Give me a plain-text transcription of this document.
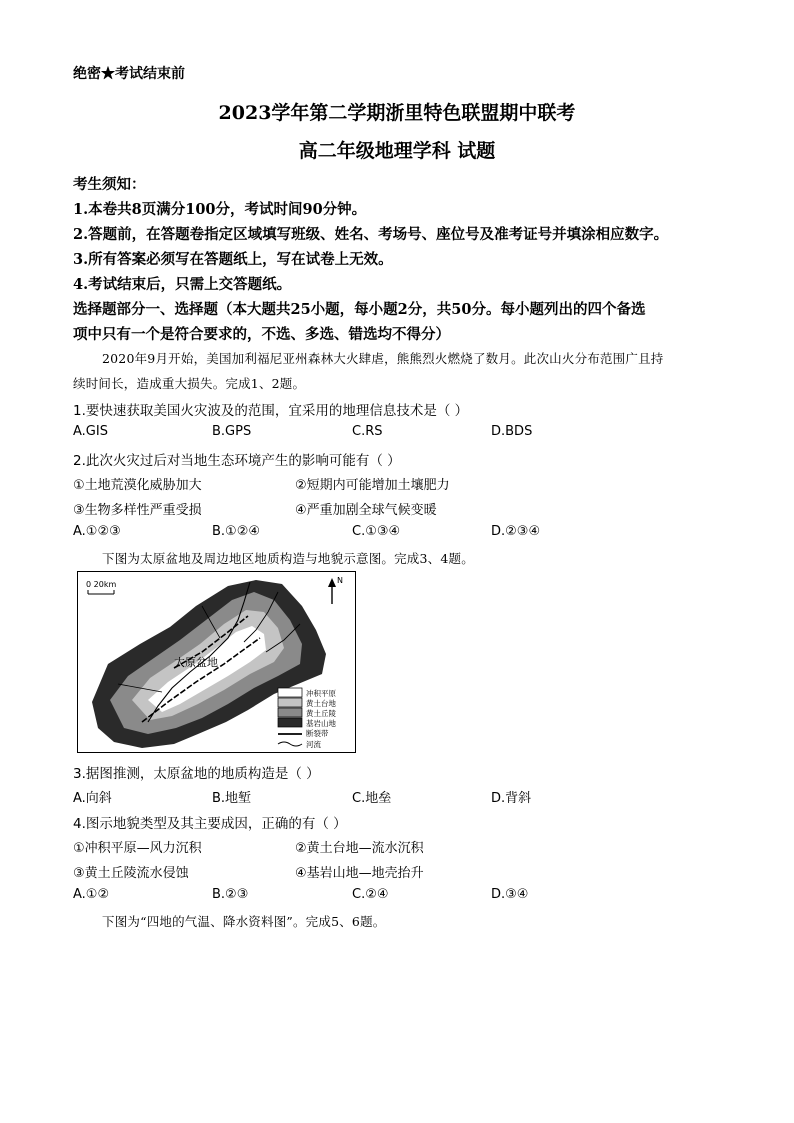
绝密★考试结束前
2023学年第二学期浙里特色联盟期中联考
高二年级地理学科 试题
考生须知：
1.本卷共8页满分100分，考试时间90分钟。
2.答题前，在答题卷指定区域填写班级、姓名、考场号、座位号及准考证号并填涂相应数字。
3.所有答案必须写在答题纸上，写在试卷上无效。
4.考试结束后，只需上交答题纸。
选择题部分一、选择题（本大题共25小题，每小题2分，共50分。每小题列出的四个备选
项中只有一个是符合要求的，不选、多选、错选均不得分）
2020年9月开始，美国加利福尼亚州森林大火肆虐，熊熊烈火燃烧了数月。此次山火分布范围广且持
续时间长，造成重大损失。完成1、2题。
1.要快速获取美国火灾波及的范围，宜采用的地理信息技术是（ ）
A.GIS	B.GPS	C.RS	D.BDS
2.此次火灾过后对当地生态环境产生的影响可能有（ ）
①土地荒漠化威胁加大	②短期内可能增加土壤肥力
③生物多样性严重受损	④严重加剧全球气候变暖
A.①②③	B.①②④	C.①③④	D.②③④
下图为太原盆地及周边地区地质构造与地貌示意图。完成3、4题。
0 20km	N
太原盆地
冲积平原
黄土台地
黄土丘陵
基岩山地
断裂带
河流
3.据图推测，太原盆地的地质构造是（ ）
A.向斜	B.地堑	C.地垒	D.背斜
4.图示地貌类型及其主要成因，正确的有（ ）
①冲积平原—风力沉积	②黄土台地—流水沉积
③黄土丘陵流水侵蚀	④基岩山地—地壳抬升
A.①②	B.②③	C.②④	D.③④
下图为“四地的气温、降水资料图”。完成5、6题。
